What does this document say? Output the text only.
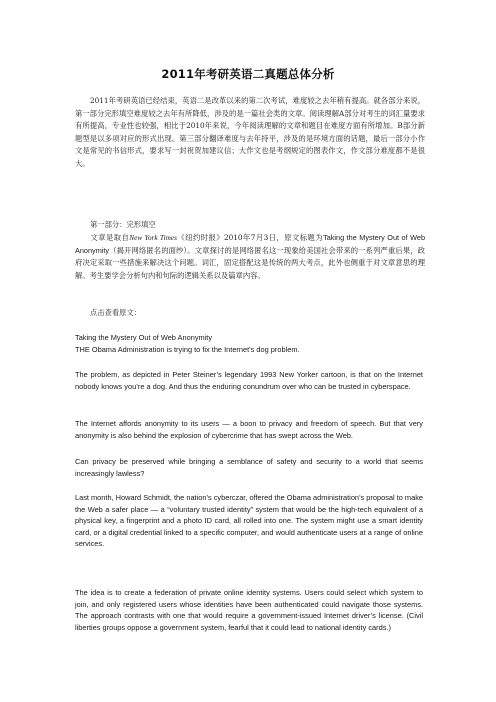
2011年考研英语二真题总体分析

2011年考研英语已经结束，英语二是改革以来的第二次考试，难度较之去年稍有提高。就各部分来说，第一部分完形填空难度较之去年有所降低，涉及的是一篇社会类的文章。阅读理解A部分对考生的词汇量要求有所提高，专业性也较强，相比于2010年来说，今年阅读理解的文章和题目在难度方面有所增加。B部分新题型是以多项对应的形式出现。第三部分翻译难度与去年持平，涉及的是环境方面的话题，最后一部分小作文是常见的书信形式，要求写一封祝贺加建议信；大作文也是考纲规定的图表作文，作文部分难度都不是很大。

第一部分：完形填空

文章是取自New York Times《纽约时报》2010年7月3日，原文标题为Taking the Mystery Out of Web Anonymity（揭开网络匿名的面纱）。文章探讨的是网络匿名这一现象给美国社会带来的一系列严重后果，政府决定采取一些措施来解决这个问题。词汇，固定搭配这是传统的两大考点，此外也侧重于对文章意思的理解。考生要学会分析句内和句际的逻辑关系以及篇章内容。

点击查看原文：

Taking the Mystery Out of Web Anonymity

THE Obama Administration is trying to fix the Internet’s dog problem.

The problem, as depicted in Peter Steiner’s legendary 1993 New Yorker cartoon, is that on the Internet nobody knows you’re a dog. And thus the enduring conundrum over who can be trusted in cyberspace.

The Internet affords anonymity to its users — a boon to privacy and freedom of speech. But that very anonymity is also behind the explosion of cybercrime that has swept across the Web.

Can privacy be preserved while bringing a semblance of safety and security to a world that seems increasingly lawless?

Last month, Howard Schmidt, the nation’s cyberczar, offered the Obama administration’s proposal to make the Web a safer place — a “voluntary trusted identity” system that would be the high-tech equivalent of a physical key, a fingerprint and a photo ID card, all rolled into one. The system might use a smart identity card, or a digital credential linked to a specific computer, and would authenticate users at a range of online services.

The idea is to create a federation of private online identity systems. Users could select which system to join, and only registered users whose identities have been authenticated could navigate those systems. The approach contrasts with one that would require a government-issued Internet driver’s license. (Civil liberties groups oppose a government system, fearful that it could lead to national identity cards.)
